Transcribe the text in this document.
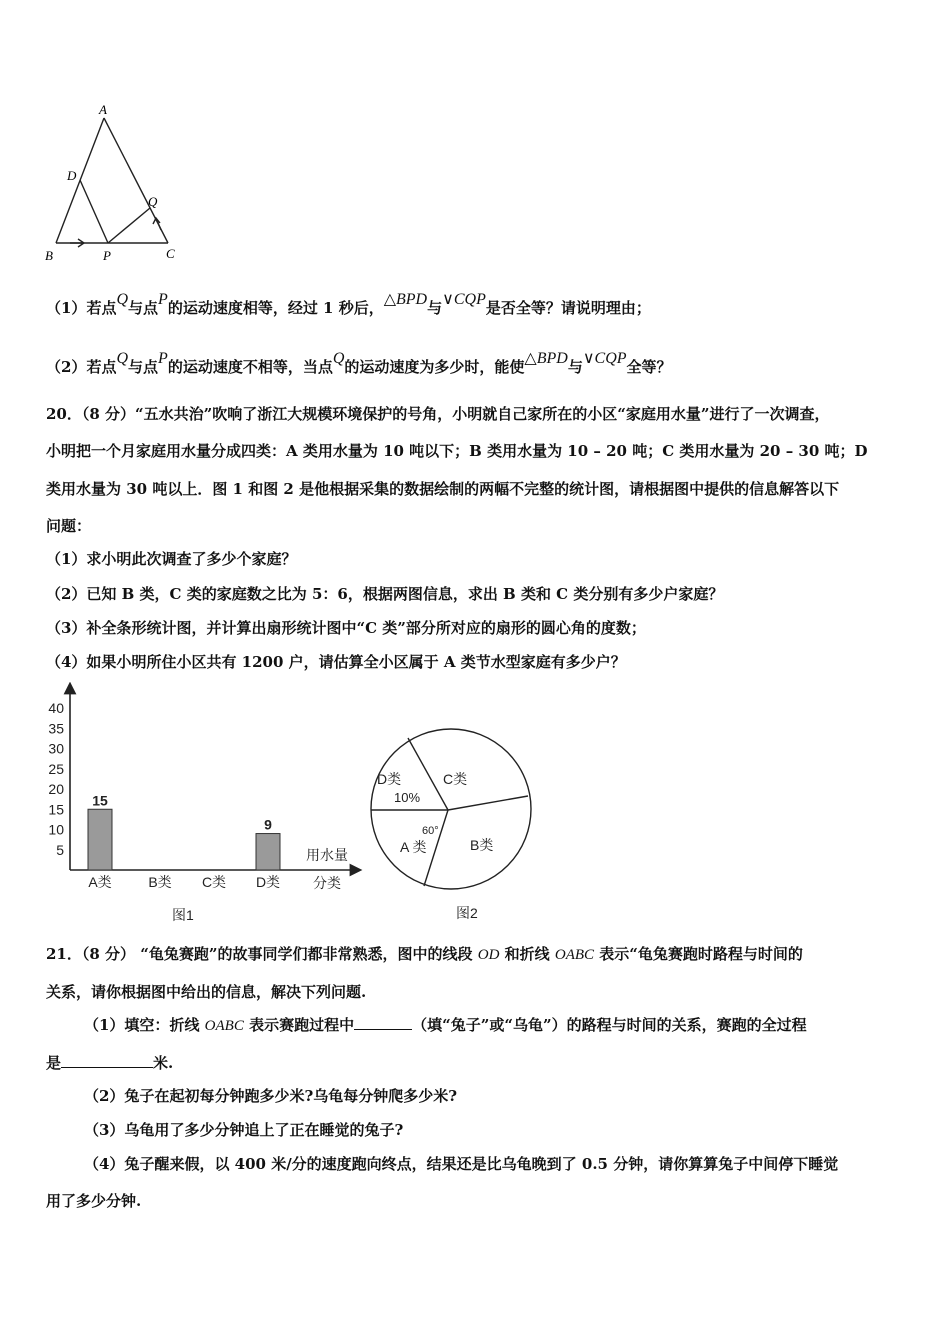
A
D
Q
B	P	C
（1）若点Q与点P的运动速度相等，经过 1 秒后，△BPD与∨CQP是否全等？请说明理由；
（2）若点Q与点P的运动速度不相等，当点Q的运动速度为多少时，能使△BPD与∨CQP全等？
20．（8 分）“五水共治”吹响了浙江大规模环境保护的号角，小明就自己家所在的小区“家庭用水量”进行了一次调查，
小明把一个月家庭用水量分成四类：A 类用水量为 10 吨以下；B 类用水量为 10 – 20 吨；C 类用水量为 20 – 30 吨；D
类用水量为 30 吨以上．图 1 和图 2 是他根据采集的数据绘制的两幅不完整的统计图，请根据图中提供的信息解答以下
问题：
（1）求小明此次调查了多少个家庭？
（2）已知 B 类，C 类的家庭数之比为 5：6，根据两图信息，求出 B 类和 C 类分别有多少户家庭？
（3）补全条形统计图，并计算出扇形统计图中“C 类”部分所对应的扇形的圆心角的度数；
（4）如果小明所住小区共有 1200 户，请估算全小区属于 A 类节水型家庭有多少户？
5
10
15
20
25
30
35
40
15
9
A类	B类 C类 D类
用水量
分类
图1
D类
10%
C类
B类
60°
A 类
图2
21．（8 分） “龟兔赛跑”的故事同学们都非常熟悉，图中的线段 OD 和折线 OABC 表示“龟兔赛跑时路程与时间的
关系，请你根据图中给出的信息，解决下列问题.
（1）填空：折线 OABC 表示赛跑过程中	（填“兔子”或“乌龟”）的路程与时间的关系，赛跑的全过程
是	米.
（2）兔子在起初每分钟跑多少米?乌龟每分钟爬多少米?
（3）乌龟用了多少分钟追上了正在睡觉的兔子?
（4）兔子醒来假，以 400 米/分的速度跑向终点，结果还是比乌龟晚到了 0.5 分钟，请你算算兔子中间停下睡觉
用了多少分钟.
